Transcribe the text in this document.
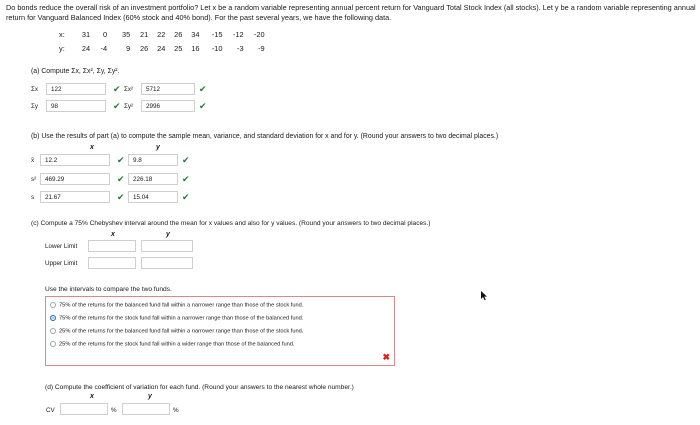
Do bonds reduce the overall risk of an investment portfolio? Let x be a random variable representing annual percent return for Vanguard Total Stock Index (all stocks). Let y be a random variable representing annual return for Vanguard Balanced Index (60% stock and 40% bond). For the past several years, we have the following data.
x: 31 0 35 21 22 26 34 -15 -12 -20
y: 24 -4	9 26 24 25 16 -10 -3 -9
(a) Compute Σx, Σx², Σy, Σy².
Σx	122	✔ Σx²	5712	✔
Σy	98	✔ Σy²	2996	✔
(b) Use the results of part (a) to compute the sample mean, variance, and standard deviation for x and for y. (Round your answers to two decimal places.)
x	y
x̄	12.2	✔	9.8	✔
s²	469.29	✔	226.18	✔
s	21.67	✔	15.04	✔
(c) Compute a 75% Chebyshev interval around the mean for x values and also for y values. (Round your answers to two decimal places.)
x	y
Lower Limit
Upper Limit
Use the intervals to compare the two funds.
75% of the returns for the balanced fund fall within a narrower range than those of the stock fund.
75% of the returns for the stock fund fall within a narrower range than those of the balanced fund.
25% of the returns for the balanced fund fall within a narrower range than those of the stock fund.
25% of the returns for the stock fund fall within a wider range than those of the balanced fund.
✖
(d) Compute the coefficient of variation for each fund. (Round your answers to the nearest whole number.)
x	y
CV	%	%
